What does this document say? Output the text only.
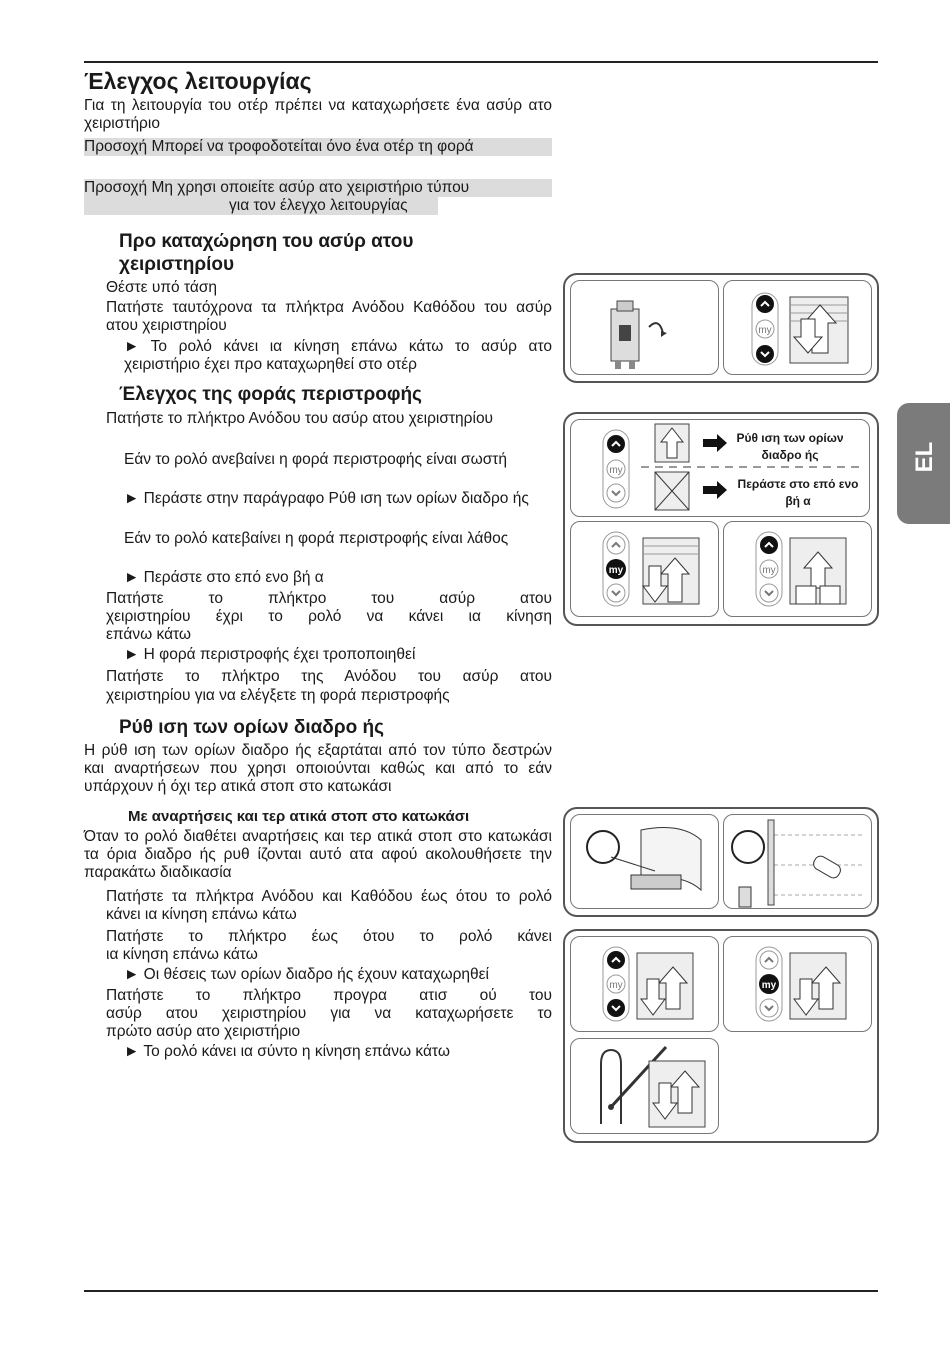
Έλεγχος λειτουργίας
Για τη λειτουργία του οτέρ πρέπει να καταχωρήσετε ένα ασύρ ατο χειριστήριο
Προσοχή Μπορεί να τροφοδοτείται όνο ένα οτέρ τη φορά
Προσοχή Μη χρησι οποιείτε ασύρ ατο χειριστήριο τύπου
για τον έλεγχο λειτουργίας
Προ καταχώρηση του ασύρ ατου
χειριστηρίου
Θέστε υπό τάση
Πατήστε ταυτόχρονα τα πλήκτρα Ανόδου Καθόδου του ασύρ ατου χειριστηρίου
► Το ρολό κάνει ια κίνηση επάνω κάτω το ασύρ ατο χειριστήριο έχει προ καταχωρηθεί στο οτέρ
Έλεγχος της φοράς περιστροφής
Πατήστε το πλήκτρο Ανόδου του ασύρ ατου χειριστηρίου
Εάν το ρολό ανεβαίνει η φορά περιστροφής είναι σωστή
► Περάστε στην παράγραφο Ρύθ ιση των ορίων διαδρο ής
Εάν το ρολό κατεβαίνει η φορά περιστροφής είναι λάθος
► Περάστε στο επό ενο βή α
Πατήστε το πλήκτρο του ασύρ ατου
χειριστηρίου έχρι το ρολό να κάνει ια κίνηση
επάνω κάτω
► Η φορά περιστροφής έχει τροποποιηθεί
Πατήστε το πλήκτρο της Ανόδου του ασύρ ατου
χειριστηρίου για να ελέγξετε τη φορά περιστροφής
Ρύθ ιση των ορίων διαδρο ής
Η ρύθ ιση των ορίων διαδρο ής εξαρτάται από τον τύπο δεστρών και αναρτήσεων που χρησι οποιούνται καθώς και από το εάν υπάρχουν ή όχι τερ ατικά στοπ στο κατωκάσι
Με αναρτήσεις και τερ ατικά στοπ στο κατωκάσι
Όταν το ρολό διαθέτει αναρτήσεις και τερ ατικά στοπ στο κατωκάσι τα όρια διαδρο ής ρυθ ίζονται αυτό ατα αφού ακολουθήσετε την παρακάτω διαδικασία
Πατήστε τα πλήκτρα Ανόδου και Καθόδου έως ότου το ρολό κάνει ια κίνηση επάνω κάτω
Πατήστε το πλήκτρο έως ότου το ρολό κάνει
ια κίνηση επάνω κάτω
► Οι θέσεις των ορίων διαδρο ής έχουν καταχωρηθεί
Πατήστε το πλήκτρο προγρα ατισ ού του
ασύρ ατου χειριστηρίου για να καταχωρήσετε το
πρώτο ασύρ ατο χειριστήριο
► Το ρολό κάνει ια σύντο η κίνηση επάνω κάτω
EL
my
my
Ρύθ ιση των ορίων
διαδρο ής
Περάστε στο επό ενο
βή α
my	my
my	my
